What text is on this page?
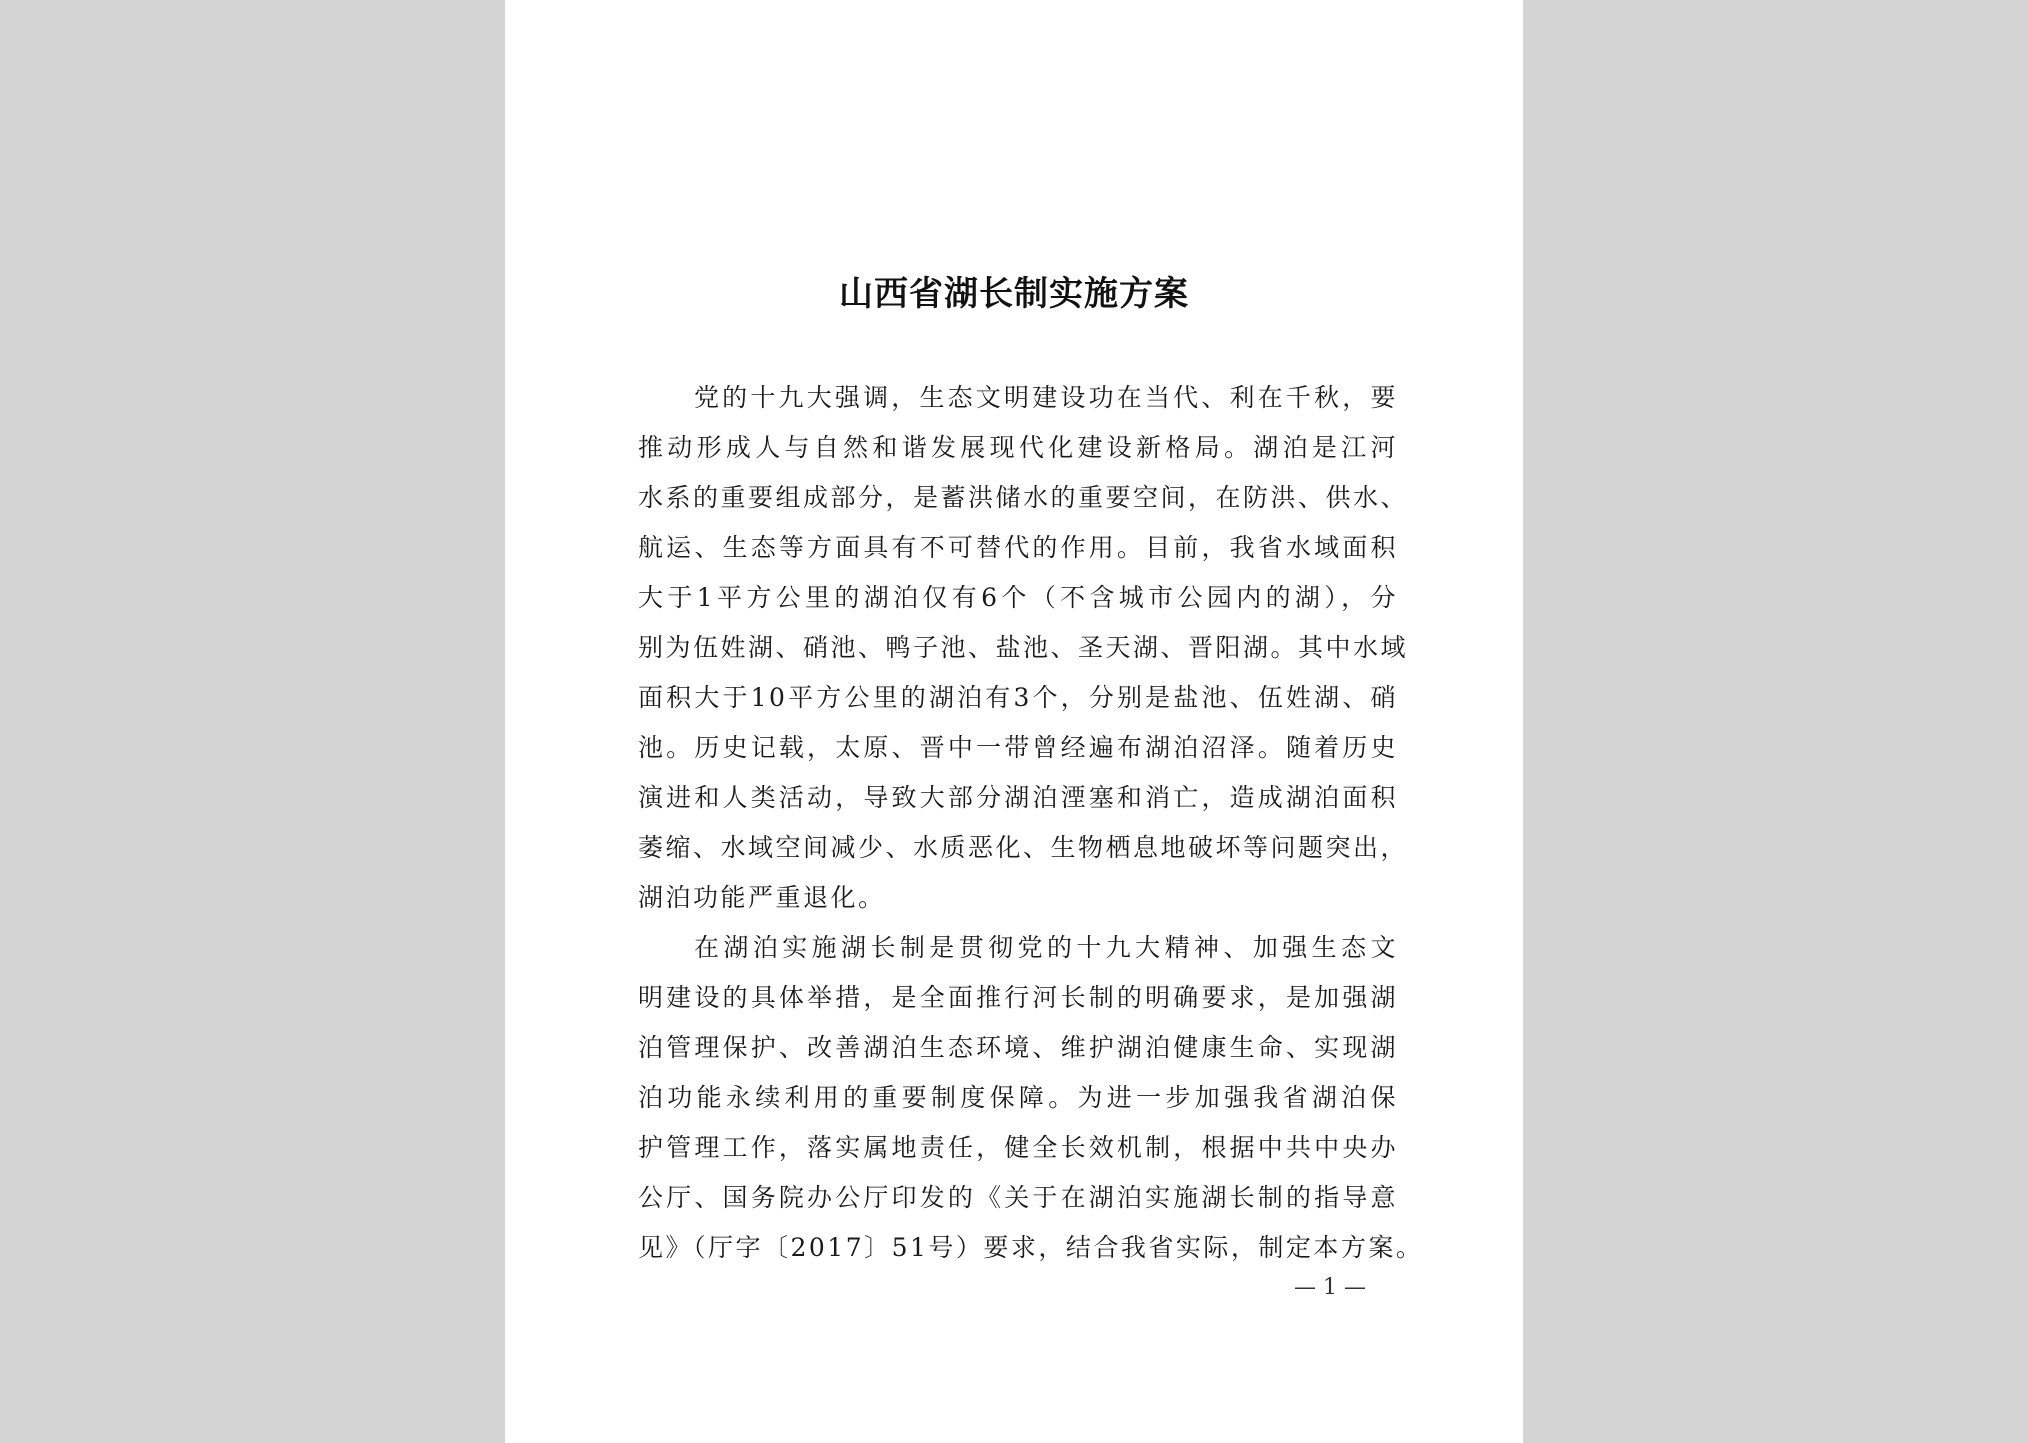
山西省湖长制实施方案
党的十九大强调，生态文明建设功在当代、利在千秋，要
推动形成人与自然和谐发展现代化建设新格局。湖泊是江河
水系的重要组成部分，是蓄洪储水的重要空间，在防洪、供水、
航运、生态等方面具有不可替代的作用。目前，我省水域面积
大于1平方公里的湖泊仅有6个（不含城市公园内的湖），分
别为伍姓湖、硝池、鸭子池、盐池、圣天湖、晋阳湖。其中水域
面积大于10平方公里的湖泊有3个，分别是盐池、伍姓湖、硝
池。历史记载，太原、晋中一带曾经遍布湖泊沼泽。随着历史
演进和人类活动，导致大部分湖泊湮塞和消亡，造成湖泊面积
萎缩、水域空间减少、水质恶化、生物栖息地破坏等问题突出，
湖泊功能严重退化。
在湖泊实施湖长制是贯彻党的十九大精神、加强生态文
明建设的具体举措，是全面推行河长制的明确要求，是加强湖
泊管理保护、改善湖泊生态环境、维护湖泊健康生命、实现湖
泊功能永续利用的重要制度保障。为进一步加强我省湖泊保
护管理工作，落实属地责任，健全长效机制，根据中共中央办
公厅、国务院办公厅印发的《关于在湖泊实施湖长制的指导意
见》（厅字〔2017〕51号）要求，结合我省实际，制定本方案。
— 1 —
